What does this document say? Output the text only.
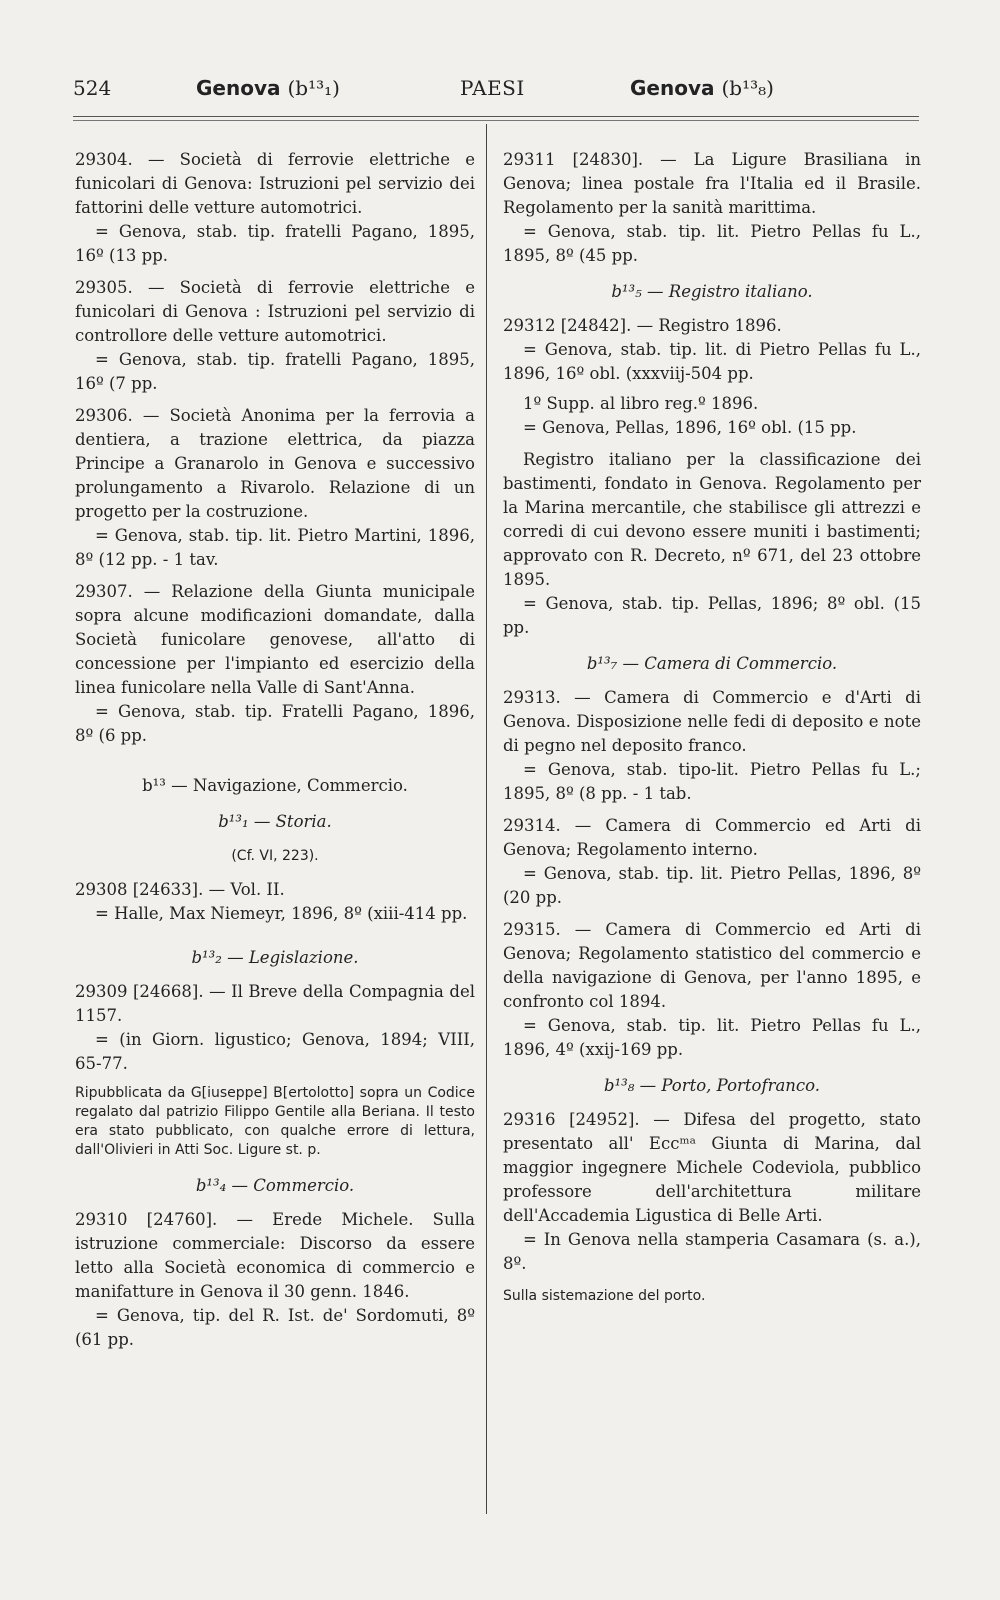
524	Genova (b¹³₁)	PAESI	Genova (b¹³₈)

29304. — Società di ferrovie elettriche e funicolari di Genova: Istruzioni pel servizio dei fattorini delle vetture automotrici.

= Genova, stab. tip. fratelli Pagano, 1895, 16º (13 pp.

29305. — Società di ferrovie elettriche e funicolari di Genova : Istruzioni pel servizio di controllore delle vetture automotrici.

= Genova, stab. tip. fratelli Pagano, 1895, 16º (7 pp.

29306. — Società Anonima per la ferrovia a dentiera, a trazione elettrica, da piazza Principe a Granarolo in Genova e successivo prolungamento a Rivarolo. Relazione di un progetto per la costruzione.

= Genova, stab. tip. lit. Pietro Martini, 1896, 8º (12 pp. - 1 tav.

29307. — Relazione della Giunta municipale sopra alcune modificazioni domandate, dalla Società funicolare genovese, all'atto di concessione per l'impianto ed esercizio della linea funicolare nella Valle di Sant'Anna.

= Genova, stab. tip. Fratelli Pagano, 1896, 8º (6 pp.

b¹³ — Navigazione, Commercio.
b¹³₁ — Storia.
(Cf. VI, 223).

29308 [24633]. — Vol. II.

= Halle, Max Niemeyr, 1896, 8º (xiii-414 pp.

b¹³₂ — Legislazione.

29309 [24668]. — Il Breve della Compagnia del 1157.

= (in Giorn. ligustico; Genova, 1894; VIII, 65-77.

Ripubblicata da G[iuseppe] B[ertolotto] sopra un Codice regalato dal patrizio Filippo Gentile alla Beriana. Il testo era stato pubblicato, con qualche errore di lettura, dall'Olivieri in Atti Soc. Ligure st. p.
b¹³₄ — Commercio.

29310 [24760]. — Erede Michele. Sulla istruzione commerciale: Discorso da essere letto alla Società economica di commercio e manifatture in Genova il 30 genn. 1846.

= Genova, tip. del R. Ist. de' Sordomuti, 8º (61 pp.

29311 [24830]. — La Ligure Brasiliana in Genova; linea postale fra l'Italia ed il Brasile. Regolamento per la sanità marittima.

= Genova, stab. tip. lit. Pietro Pellas fu L., 1895, 8º (45 pp.

b¹³₅ — Registro italiano.

29312 [24842]. — Registro 1896.

= Genova, stab. tip. lit. di Pietro Pellas fu L., 1896, 16º obl. (xxxviij-504 pp.

1º Supp. al libro reg.º 1896.

= Genova, Pellas, 1896, 16º obl. (15 pp.

Registro italiano per la classificazione dei bastimenti, fondato in Genova. Regolamento per la Marina mercantile, che stabilisce gli attrezzi e corredi di cui devono essere muniti i bastimenti; approvato con R. Decreto, nº 671, del 23 ottobre 1895.

= Genova, stab. tip. Pellas, 1896; 8º obl. (15 pp.

b¹³₇ — Camera di Commercio.

29313. — Camera di Commercio e d'Arti di Genova. Disposizione nelle fedi di deposito e note di pegno nel deposito franco.

= Genova, stab. tipo-lit. Pietro Pellas fu L.; 1895, 8º (8 pp. - 1 tab.

29314. — Camera di Commercio ed Arti di Genova; Regolamento interno.

= Genova, stab. tip. lit. Pietro Pellas, 1896, 8º (20 pp.

29315. — Camera di Commercio ed Arti di Genova; Regolamento statistico del commercio e della navigazione di Genova, per l'anno 1895, e confronto col 1894.

= Genova, stab. tip. lit. Pietro Pellas fu L., 1896, 4º (xxij-169 pp.

b¹³₈ — Porto, Portofranco.

29316 [24952]. — Difesa del progetto, stato presentato all' Eccᵐᵃ Giunta di Marina, dal maggior ingegnere Michele Codeviola, pubblico professore dell'architettura militare dell'Accademia Ligustica di Belle Arti.

= In Genova nella stamperia Casamara (s. a.), 8º.

Sulla sistemazione del porto.
